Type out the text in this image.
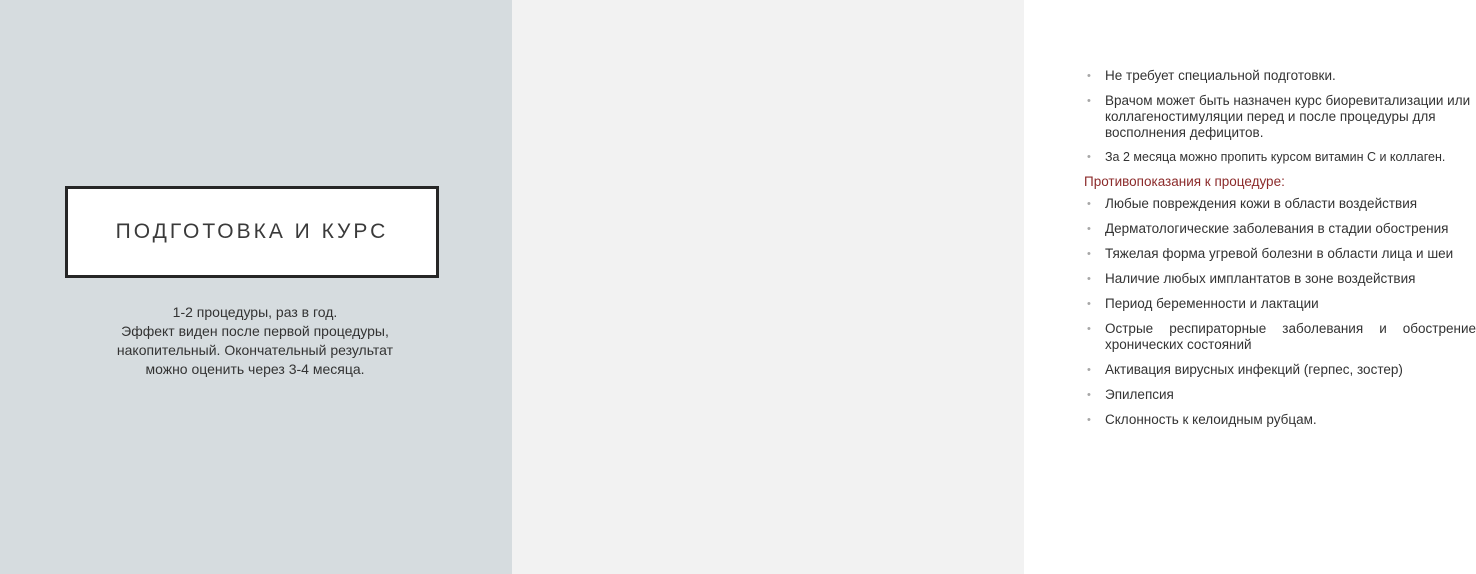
ПОДГОТОВКА И КУРС
1-2 процедуры, раз в год.
Эффект виден после первой процедуры,
накопительный. Окончательный результат
можно оценить через 3-4 месяца.
• Не требует специальной подготовки.
• Врачом может быть назначен курс биоревитализации или коллагеностимуляции перед и после процедуры для восполнения дефицитов.
• За 2 месяца можно пропить курсом витамин С и коллаген.
Противопоказания к процедуре:
• Любые повреждения кожи в области воздействия
• Дерматологические заболевания в стадии обострения
• Тяжелая форма угревой болезни в области лица и шеи
• Наличие любых имплантатов в зоне воздействия
• Период беременности и лактации
• Острые респираторные заболевания и обострение хронических состояний
• Активация вирусных инфекций (герпес, зостер)
• Эпилепсия
• Склонность к келоидным рубцам.
